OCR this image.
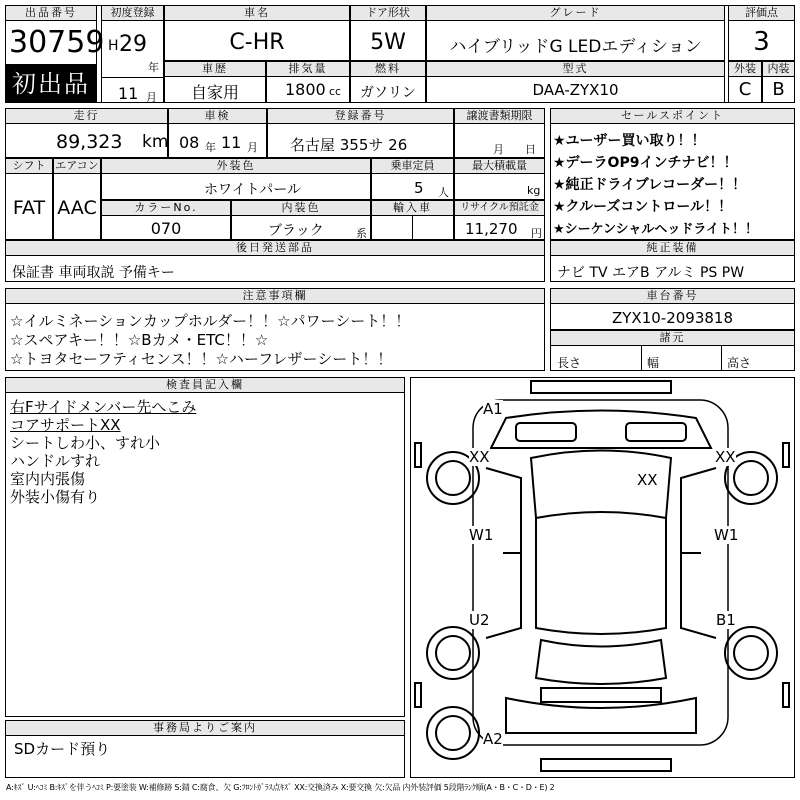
出品番号
30759
初出品
初度登録
H 29
年
11 月
車名
C-HR
ドア形状
5W
グレード
ハイブリッドG LEDエディション
評価点
3
車歴
自家用
排気量
1800 cc
燃料
ガソリン
型式
DAA-ZYX10
外装
C
内装
B
走行
89,323 km
車検
08 年 11 月
登録番号
名古屋 355サ 26
譲渡書類期限
月 日
シフト
FAT
エアコン
AAC
外装色
ホワイトパール
乗車定員
5 人
最大積載量
kg
カラーNo.
070
内装色
ブラック	系
輸入車	リサイクル預託金
11,270 円
後日発送部品
保証書 車両取説 予備キー
セールスポイント
★ユーザー買い取り！！
★デーラOP9インチナビ！！
★純正ドライブレコーダー！！
★クルーズコントロール！！
★シーケンシャルヘッドライト！！
純正装備
ナビ TV エアB アルミ PS PW
注意事項欄
☆イルミネーションカップホルダー！！☆パワーシート！！
☆スペアキー！！☆Bカメ・ETC！！☆
☆トヨタセーフティセンス！！☆ハーフレザーシート！！
車台番号
ZYX10-2093818
諸元
長さ	幅	高さ
検査員記入欄
右Fサイドメンバー先へこみ
コアサポートXX
シートしわ小、すれ小
ハンドルすれ
室内内張傷
外装小傷有り
事務局よりご案内
SDカード預り
A1
XX
XX
XX
W1	W1
U2	B1
A2
A:ｷｽﾞ U:ﾍｺﾐ B:ｷｽﾞを伴うﾍｺﾐ P:要塗装 W:補修跡 S:錆 C:腐食、欠 G:ﾌﾛﾝﾄｶﾞﾗｽ点ｷｽﾞ XX:交換済み X:要交換 欠:欠品 内外装評価 5段階ﾗﾝｸ順(A・B・C・D・E) 2
